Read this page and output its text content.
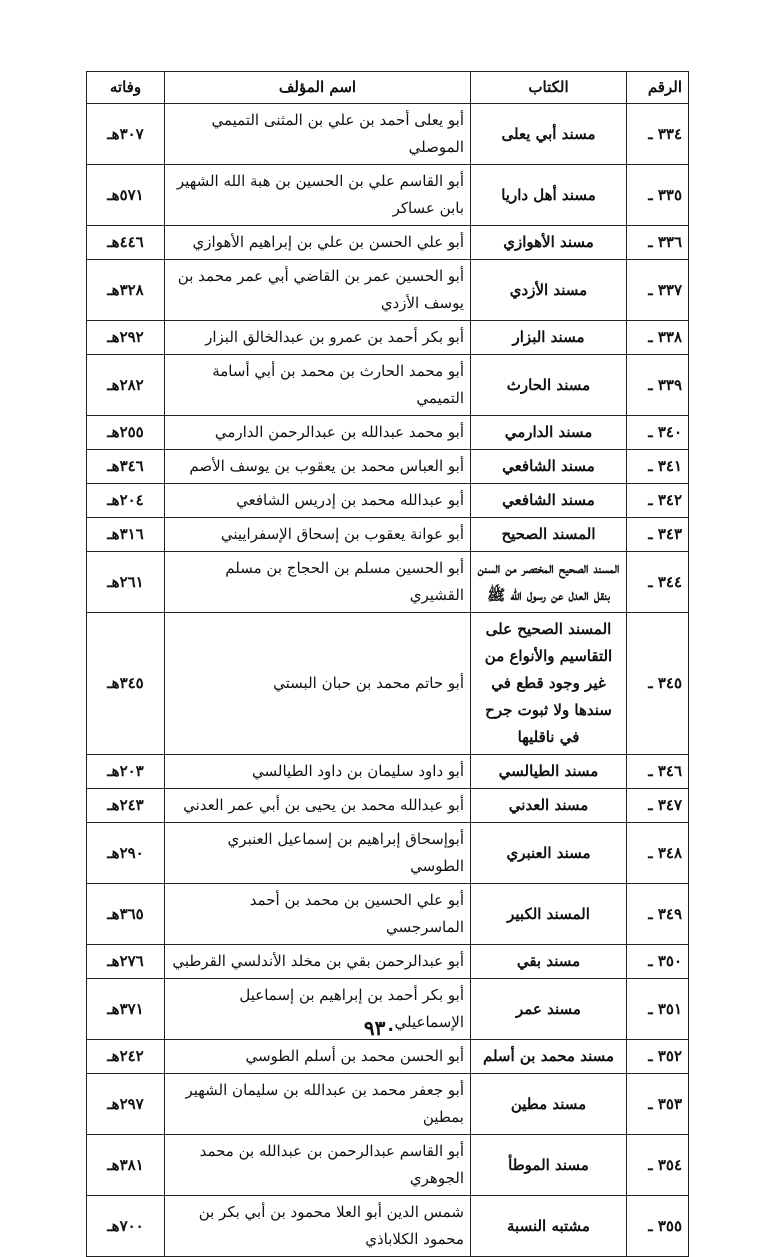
الرقم	الكتاب	اسم المؤلف	وفاته
٣٣٤ ـ	مسند أبي يعلى	أبو يعلى أحمد بن علي بن المثنى التميمي الموصلي	٣٠٧هـ
٣٣٥ ـ	مسند أهل داريا	أبو القاسم علي بن الحسين بن هبة الله الشهير بابن عساكر	٥٧١هـ
٣٣٦ ـ	مسند الأهوازي	أبو علي الحسن بن علي بن إبراهيم الأهوازي	٤٤٦هـ
٣٣٧ ـ	مسند الأزدي	أبو الحسين عمر بن القاضي أبي عمر محمد بن يوسف الأزدي	٣٢٨هـ
٣٣٨ ـ	مسند البزار	أبو بكر أحمد بن عمرو بن عبدالخالق البزار	٢٩٢هـ
٣٣٩ ـ	مسند الحارث	أبو محمد الحارث بن محمد بن أبي أسامة التميمي	٢٨٢هـ
٣٤٠ ـ	مسند الدارمي	أبو محمد عبدالله بن عبدالرحمن الدارمي	٢٥٥هـ
٣٤١ ـ	مسند الشافعي	أبو العباس محمد بن يعقوب بن يوسف الأصم	٣٤٦هـ
٣٤٢ ـ	مسند الشافعي	أبو عبدالله محمد بن إدريس الشافعي	٢٠٤هـ
٣٤٣ ـ	المسند الصحيح	أبو عوانة يعقوب بن إسحاق الإسفراييني	٣١٦هـ
٣٤٤ ـ	المسند الصحيح المختصر من السنن بنقل العدل عن رسول الله ﷺ	أبو الحسين مسلم بن الحجاج بن مسلم القشيري	٢٦١هـ
٣٤٥ ـ	المسند الصحيح على التقاسيم والأنواع من غير وجود قطع في سندها ولا ثبوت جرح في ناقليها	أبو حاتم محمد بن حبان البستي	٣٤٥هـ
٣٤٦ ـ	مسند الطيالسي	أبو داود سليمان بن داود الطيالسي	٢٠٣هـ
٣٤٧ ـ	مسند العدني	أبو عبدالله محمد بن يحيى بن أبي عمر العدني	٢٤٣هـ
٣٤٨ ـ	مسند العنبري	أبوإسحاق إبراهيم بن إسماعيل العنبري الطوسي	٢٩٠هـ
٣٤٩ ـ	المسند الكبير	أبو علي الحسين بن محمد بن أحمد الماسرجسي	٣٦٥هـ
٣٥٠ ـ	مسند بقي	أبو عبدالرحمن بقي بن مخلد الأندلسي القرطبي	٢٧٦هـ
٣٥١ ـ	مسند عمر	أبو بكر أحمد بن إبراهيم بن إسماعيل الإسماعيلي	٣٧١هـ
٣٥٢ ـ	مسند محمد بن أسلم	أبو الحسن محمد بن أسلم الطوسي	٢٤٢هـ
٣٥٣ ـ	مسند مطين	أبو جعفر محمد بن عبدالله بن سليمان الشهير بمطين	٢٩٧هـ
٣٥٤ ـ	مسند الموطأ	أبو القاسم عبدالرحمن بن عبدالله بن محمد الجوهري	٣٨١هـ
٣٥٥ ـ	مشتبه النسبة	شمس الدين أبو العلا محمود بن أبي بكر بن محمود الكلاباذي	٧٠٠هـ
٩٣٠
